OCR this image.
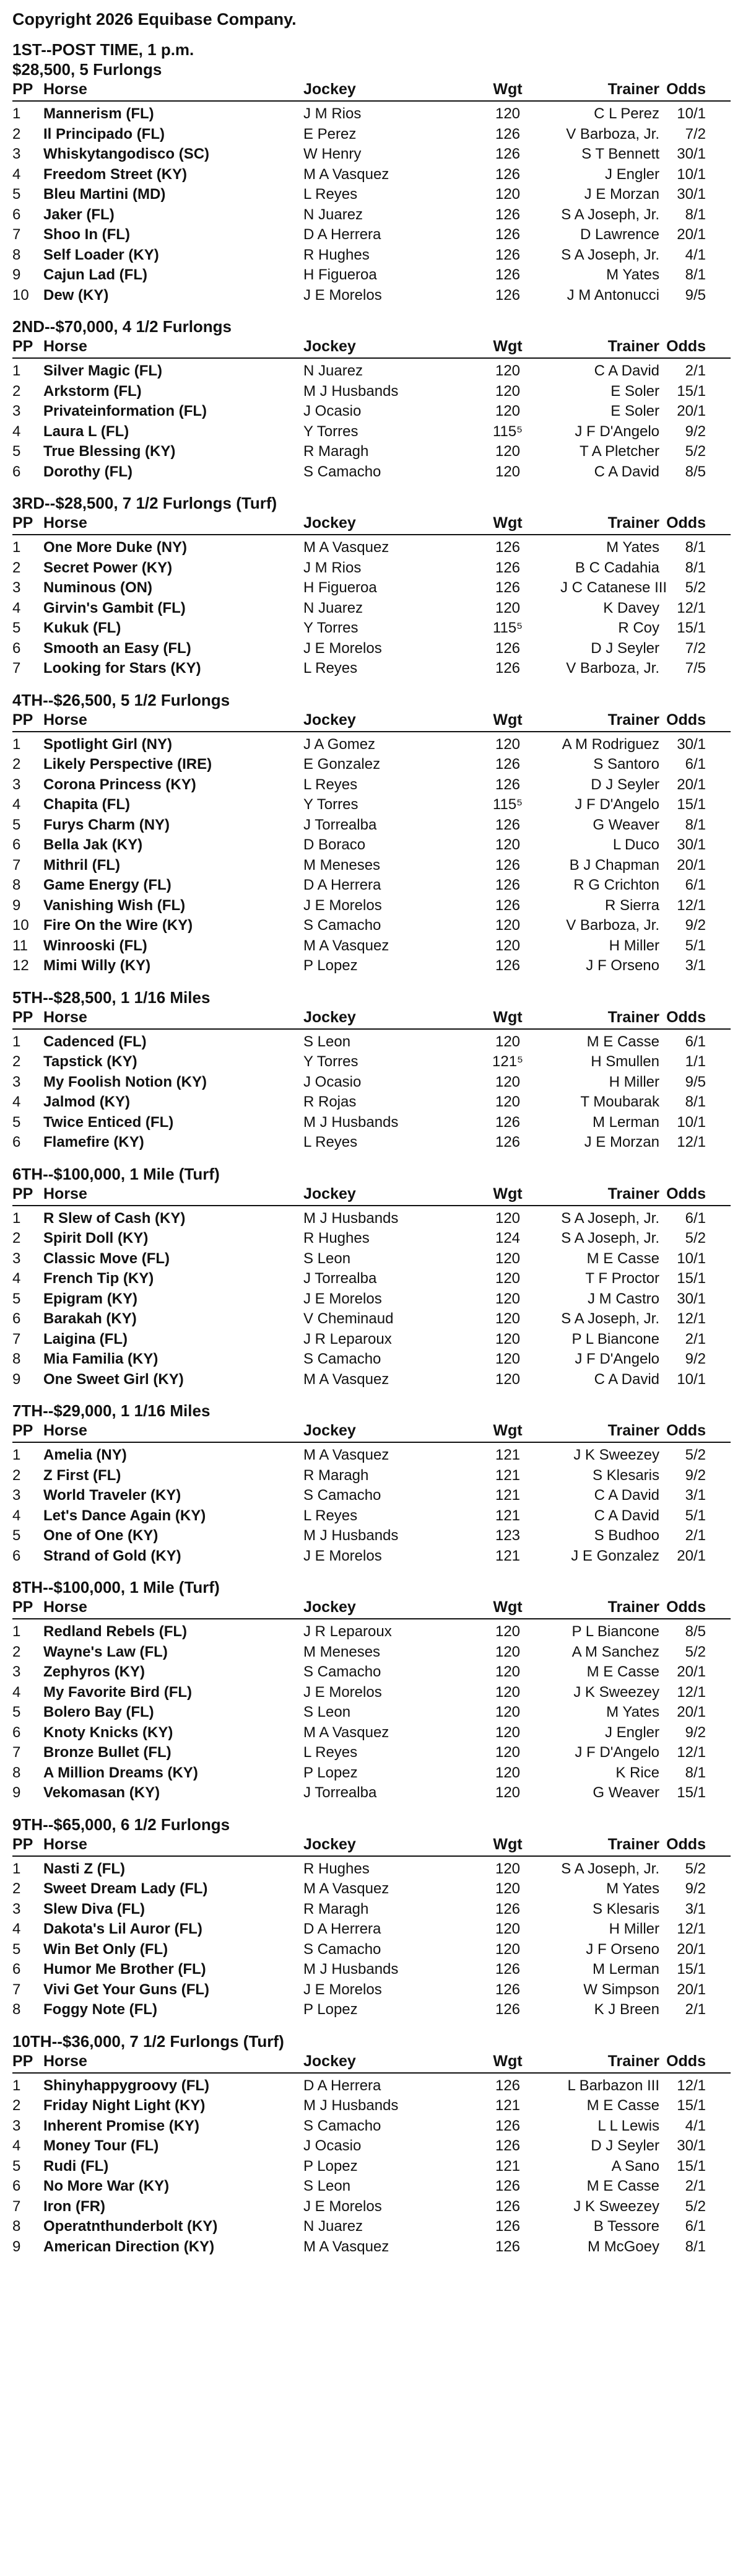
Copyright 2026 Equibase Company.
1ST--POST TIME, 1 p.m.
$28,500, 5 Furlongs
PP Horse	Jockey	Wgt	Trainer Odds
1	Mannerism (FL)	J M Rios	120	C L Perez	10/1
2	Il Principado (FL)	E Perez	126	V Barboza, Jr.	7/2
3	Whiskytangodisco (SC)	W Henry	126	S T Bennett	30/1
4	Freedom Street (KY)	M A Vasquez	126	J Engler	10/1
5	Bleu Martini (MD)	L Reyes	120	J E Morzan	30/1
6	Jaker (FL)	N Juarez	126	S A Joseph, Jr.	8/1
7	Shoo In (FL)	D A Herrera	126	D Lawrence	20/1
8	Self Loader (KY)	R Hughes	126	S A Joseph, Jr.	4/1
9	Cajun Lad (FL)	H Figueroa	126	M Yates	8/1
10 Dew (KY)	J E Morelos	126	J M Antonucci	9/5
2ND--$70,000, 4 1/2 Furlongs
PP Horse	Jockey	Wgt	Trainer Odds
1	Silver Magic (FL)	N Juarez	120	C A David	2/1
2	Arkstorm (FL)	M J Husbands	120	E Soler	15/1
3	Privateinformation (FL)	J Ocasio	120	E Soler	20/1
4	Laura L (FL)	Y Torres	115⁵	J F D'Angelo	9/2
5	True Blessing (KY)	R Maragh	120	T A Pletcher	5/2
6	Dorothy (FL)	S Camacho	120	C A David	8/5
3RD--$28,500, 7 1/2 Furlongs (Turf)
PP Horse	Jockey	Wgt	Trainer Odds
1	One More Duke (NY)	M A Vasquez	126	M Yates	8/1
2	Secret Power (KY)	J M Rios	126	B C Cadahia	8/1
3	Numinous (ON)	H Figueroa	126	J C Catanese III	5/2
4	Girvin's Gambit (FL)	N Juarez	120	K Davey	12/1
5	Kukuk (FL)	Y Torres	115⁵	R Coy	15/1
6	Smooth an Easy (FL)	J E Morelos	126	D J Seyler	7/2
7	Looking for Stars (KY)	L Reyes	126	V Barboza, Jr.	7/5
4TH--$26,500, 5 1/2 Furlongs
PP Horse	Jockey	Wgt	Trainer Odds
1	Spotlight Girl (NY)	J A Gomez	120	A M Rodriguez	30/1
2	Likely Perspective (IRE)	E Gonzalez	126	S Santoro	6/1
3	Corona Princess (KY)	L Reyes	126	D J Seyler	20/1
4	Chapita (FL)	Y Torres	115⁵	J F D'Angelo	15/1
5	Furys Charm (NY)	J Torrealba	126	G Weaver	8/1
6	Bella Jak (KY)	D Boraco	120	L Duco	30/1
7	Mithril (FL)	M Meneses	126	B J Chapman	20/1
8	Game Energy (FL)	D A Herrera	126	R G Crichton	6/1
9	Vanishing Wish (FL)	J E Morelos	126	R Sierra	12/1
10 Fire On the Wire (KY)	S Camacho	120	V Barboza, Jr.	9/2
11	Winrooski (FL)	M A Vasquez	120	H Miller	5/1
12 Mimi Willy (KY)	P Lopez	126	J F Orseno	3/1
5TH--$28,500, 1 1/16 Miles
PP Horse	Jockey	Wgt	Trainer Odds
1	Cadenced (FL)	S Leon	120	M E Casse	6/1
2	Tapstick (KY)	Y Torres	121⁵	H Smullen	1/1
3	My Foolish Notion (KY)	J Ocasio	120	H Miller	9/5
4	Jalmod (KY)	R Rojas	120	T Moubarak	8/1
5	Twice Enticed (FL)	M J Husbands	126	M Lerman	10/1
6	Flamefire (KY)	L Reyes	126	J E Morzan	12/1
6TH--$100,000, 1 Mile (Turf)
PP Horse	Jockey	Wgt	Trainer Odds
1	R Slew of Cash (KY)	M J Husbands	120	S A Joseph, Jr.	6/1
2	Spirit Doll (KY)	R Hughes	124	S A Joseph, Jr.	5/2
3	Classic Move (FL)	S Leon	120	M E Casse	10/1
4	French Tip (KY)	J Torrealba	120	T F Proctor	15/1
5	Epigram (KY)	J E Morelos	120	J M Castro	30/1
6	Barakah (KY)	V Cheminaud	120	S A Joseph, Jr.	12/1
7	Laigina (FL)	J R Leparoux	120	P L Biancone	2/1
8	Mia Familia (KY)	S Camacho	120	J F D'Angelo	9/2
9	One Sweet Girl (KY)	M A Vasquez	120	C A David	10/1
7TH--$29,000, 1 1/16 Miles
PP Horse	Jockey	Wgt	Trainer Odds
1	Amelia (NY)	M A Vasquez	121	J K Sweezey	5/2
2	Z First (FL)	R Maragh	121	S Klesaris	9/2
3	World Traveler (KY)	S Camacho	121	C A David	3/1
4	Let's Dance Again (KY)	L Reyes	121	C A David	5/1
5	One of One (KY)	M J Husbands	123	S Budhoo	2/1
6	Strand of Gold (KY)	J E Morelos	121	J E Gonzalez	20/1
8TH--$100,000, 1 Mile (Turf)
PP Horse	Jockey	Wgt	Trainer Odds
1	Redland Rebels (FL)	J R Leparoux	120	P L Biancone	8/5
2	Wayne's Law (FL)	M Meneses	120	A M Sanchez	5/2
3	Zephyros (KY)	S Camacho	120	M E Casse	20/1
4	My Favorite Bird (FL)	J E Morelos	120	J K Sweezey	12/1
5	Bolero Bay (FL)	S Leon	120	M Yates	20/1
6	Knoty Knicks (KY)	M A Vasquez	120	J Engler	9/2
7	Bronze Bullet (FL)	L Reyes	120	J F D'Angelo	12/1
8	A Million Dreams (KY)	P Lopez	120	K Rice	8/1
9	Vekomasan (KY)	J Torrealba	120	G Weaver	15/1
9TH--$65,000, 6 1/2 Furlongs
PP Horse	Jockey	Wgt	Trainer Odds
1	Nasti Z (FL)	R Hughes	120	S A Joseph, Jr.	5/2
2	Sweet Dream Lady (FL)	M A Vasquez	120	M Yates	9/2
3	Slew Diva (FL)	R Maragh	126	S Klesaris	3/1
4	Dakota's Lil Auror (FL)	D A Herrera	120	H Miller	12/1
5	Win Bet Only (FL)	S Camacho	120	J F Orseno	20/1
6	Humor Me Brother (FL)	M J Husbands	126	M Lerman	15/1
7	Vivi Get Your Guns (FL)	J E Morelos	126	W Simpson	20/1
8	Foggy Note (FL)	P Lopez	126	K J Breen	2/1
10TH--$36,000, 7 1/2 Furlongs (Turf)
PP Horse	Jockey	Wgt	Trainer Odds
1	Shinyhappygroovy (FL)	D A Herrera	126	L Barbazon III	12/1
2	Friday Night Light (KY)	M J Husbands	121	M E Casse	15/1
3	Inherent Promise (KY)	S Camacho	126	L L Lewis	4/1
4	Money Tour (FL)	J Ocasio	126	D J Seyler	30/1
5	Rudi (FL)	P Lopez	121	A Sano	15/1
6	No More War (KY)	S Leon	126	M E Casse	2/1
7	Iron (FR)	J E Morelos	126	J K Sweezey	5/2
8	Operatnthunderbolt (KY)	N Juarez	126	B Tessore	6/1
9	American Direction (KY)	M A Vasquez	126	M McGoey	8/1
